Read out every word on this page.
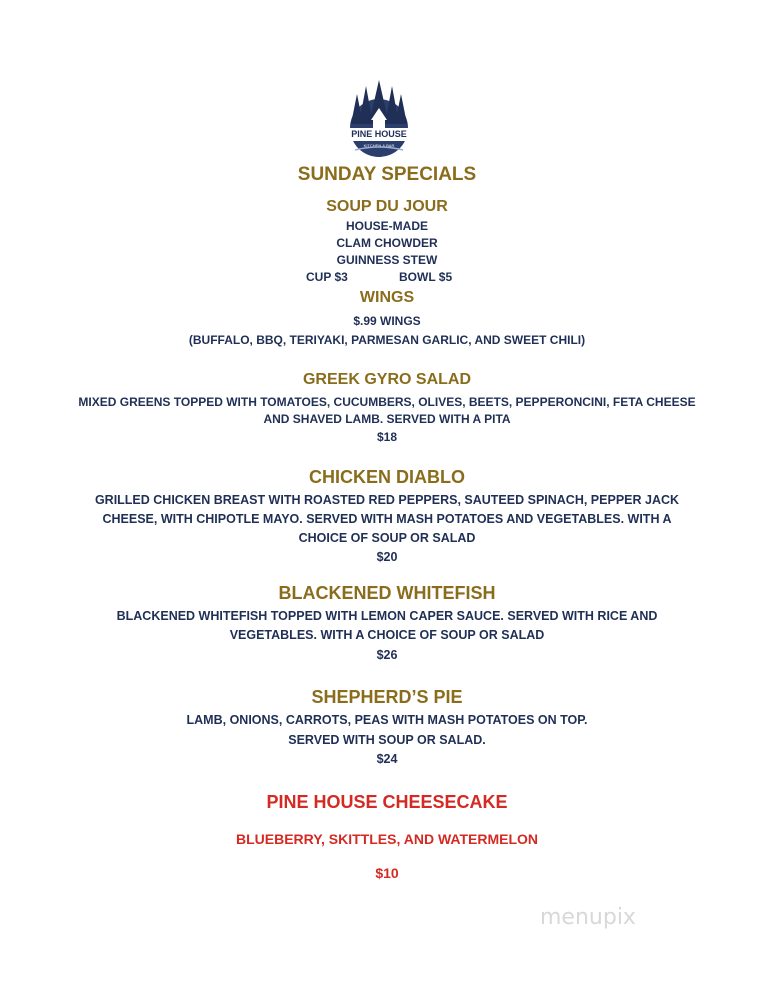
PINE HOUSE
KITCHEN & BAR
SUNDAY SPECIALS
SOUP DU JOUR
HOUSE-MADE
CLAM CHOWDER
GUINNESS STEW
CUP $3	BOWL $5
WINGS
$.99 WINGS
(BUFFALO, BBQ, TERIYAKI, PARMESAN GARLIC, AND SWEET CHILI)
GREEK GYRO SALAD
MIXED GREENS TOPPED WITH TOMATOES, CUCUMBERS, OLIVES, BEETS, PEPPERONCINI, FETA CHEESE
AND SHAVED LAMB. SERVED WITH A PITA
$18
CHICKEN DIABLO
GRILLED CHICKEN BREAST WITH ROASTED RED PEPPERS, SAUTEED SPINACH, PEPPER JACK
CHEESE, WITH CHIPOTLE MAYO. SERVED WITH MASH POTATOES AND VEGETABLES. WITH A
CHOICE OF SOUP OR SALAD
$20
BLACKENED WHITEFISH
BLACKENED WHITEFISH TOPPED WITH LEMON CAPER SAUCE. SERVED WITH RICE AND
VEGETABLES. WITH A CHOICE OF SOUP OR SALAD
$26
SHEPHERD’S PIE
LAMB, ONIONS, CARROTS, PEAS WITH MASH POTATOES ON TOP.
SERVED WITH SOUP OR SALAD.
$24
PINE HOUSE CHEESECAKE
BLUEBERRY, SKITTLES, AND WATERMELON
$10
menupix
